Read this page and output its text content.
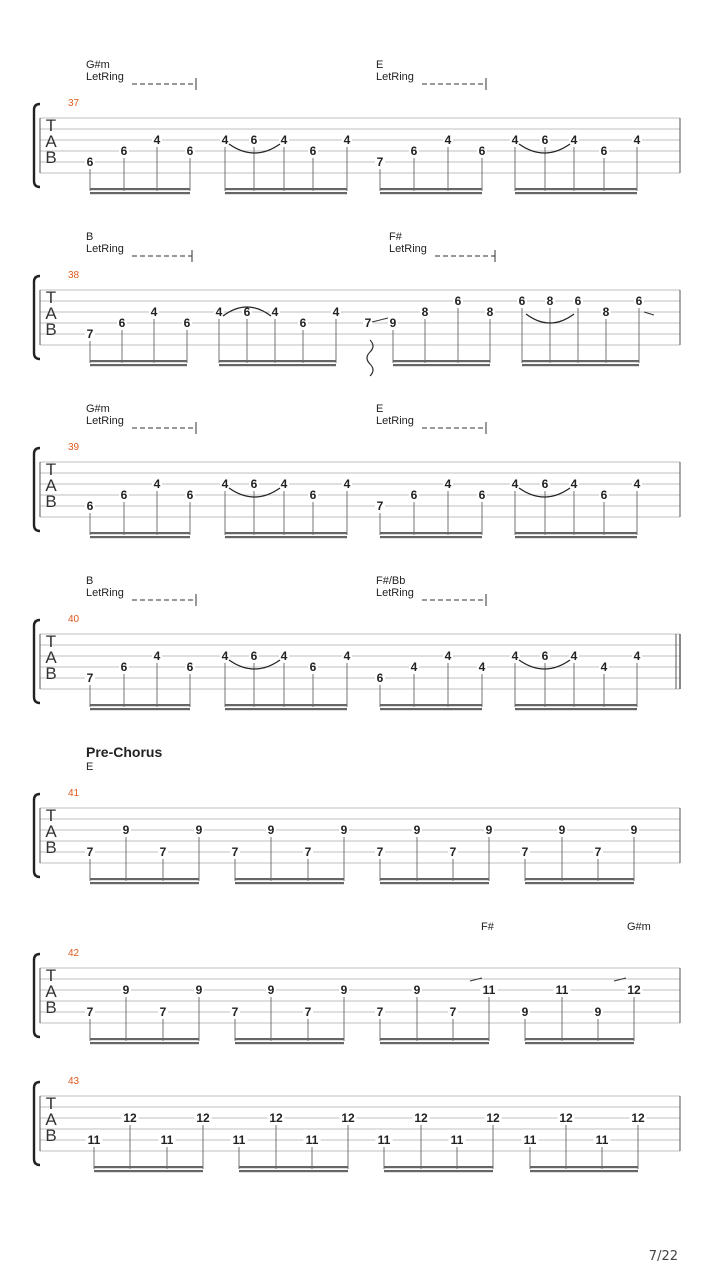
T
A
B
37
G#m
LetRing
E
LetRing
6
6
4
6
4 6 4
6
4
7
6
4
6
4 6 4
6
4
T
A
B
38
B
LetRing
F#
LetRing
7
6
4
6
4 6 4
6
4
7 9
8
6
8
6 8 6
8
6
T
A
B
39
G#m
LetRing
E
LetRing
6
6
4
6
4 6 4
6
4
7
6
4
6
4 6 4
6
4
T
A
B
40
B
LetRing
F#/Bb
LetRing
7
6
4
6
4 6 4
6
4
6
4
4
4
4 6 4
4
4
T
A
B
41
Pre-Chorus
E
7
9
7
9
7
9
7
9
7
9
7
9
7
9
7
9
T
A
B
42
F#	G#m
7
9
7
9
7
9
7
9
7
9
7
11
9
11
9
12
T
A
B
43
11
12
11
12
11
12
11
12
11
12
11
12
11
12
11
12
7/22
